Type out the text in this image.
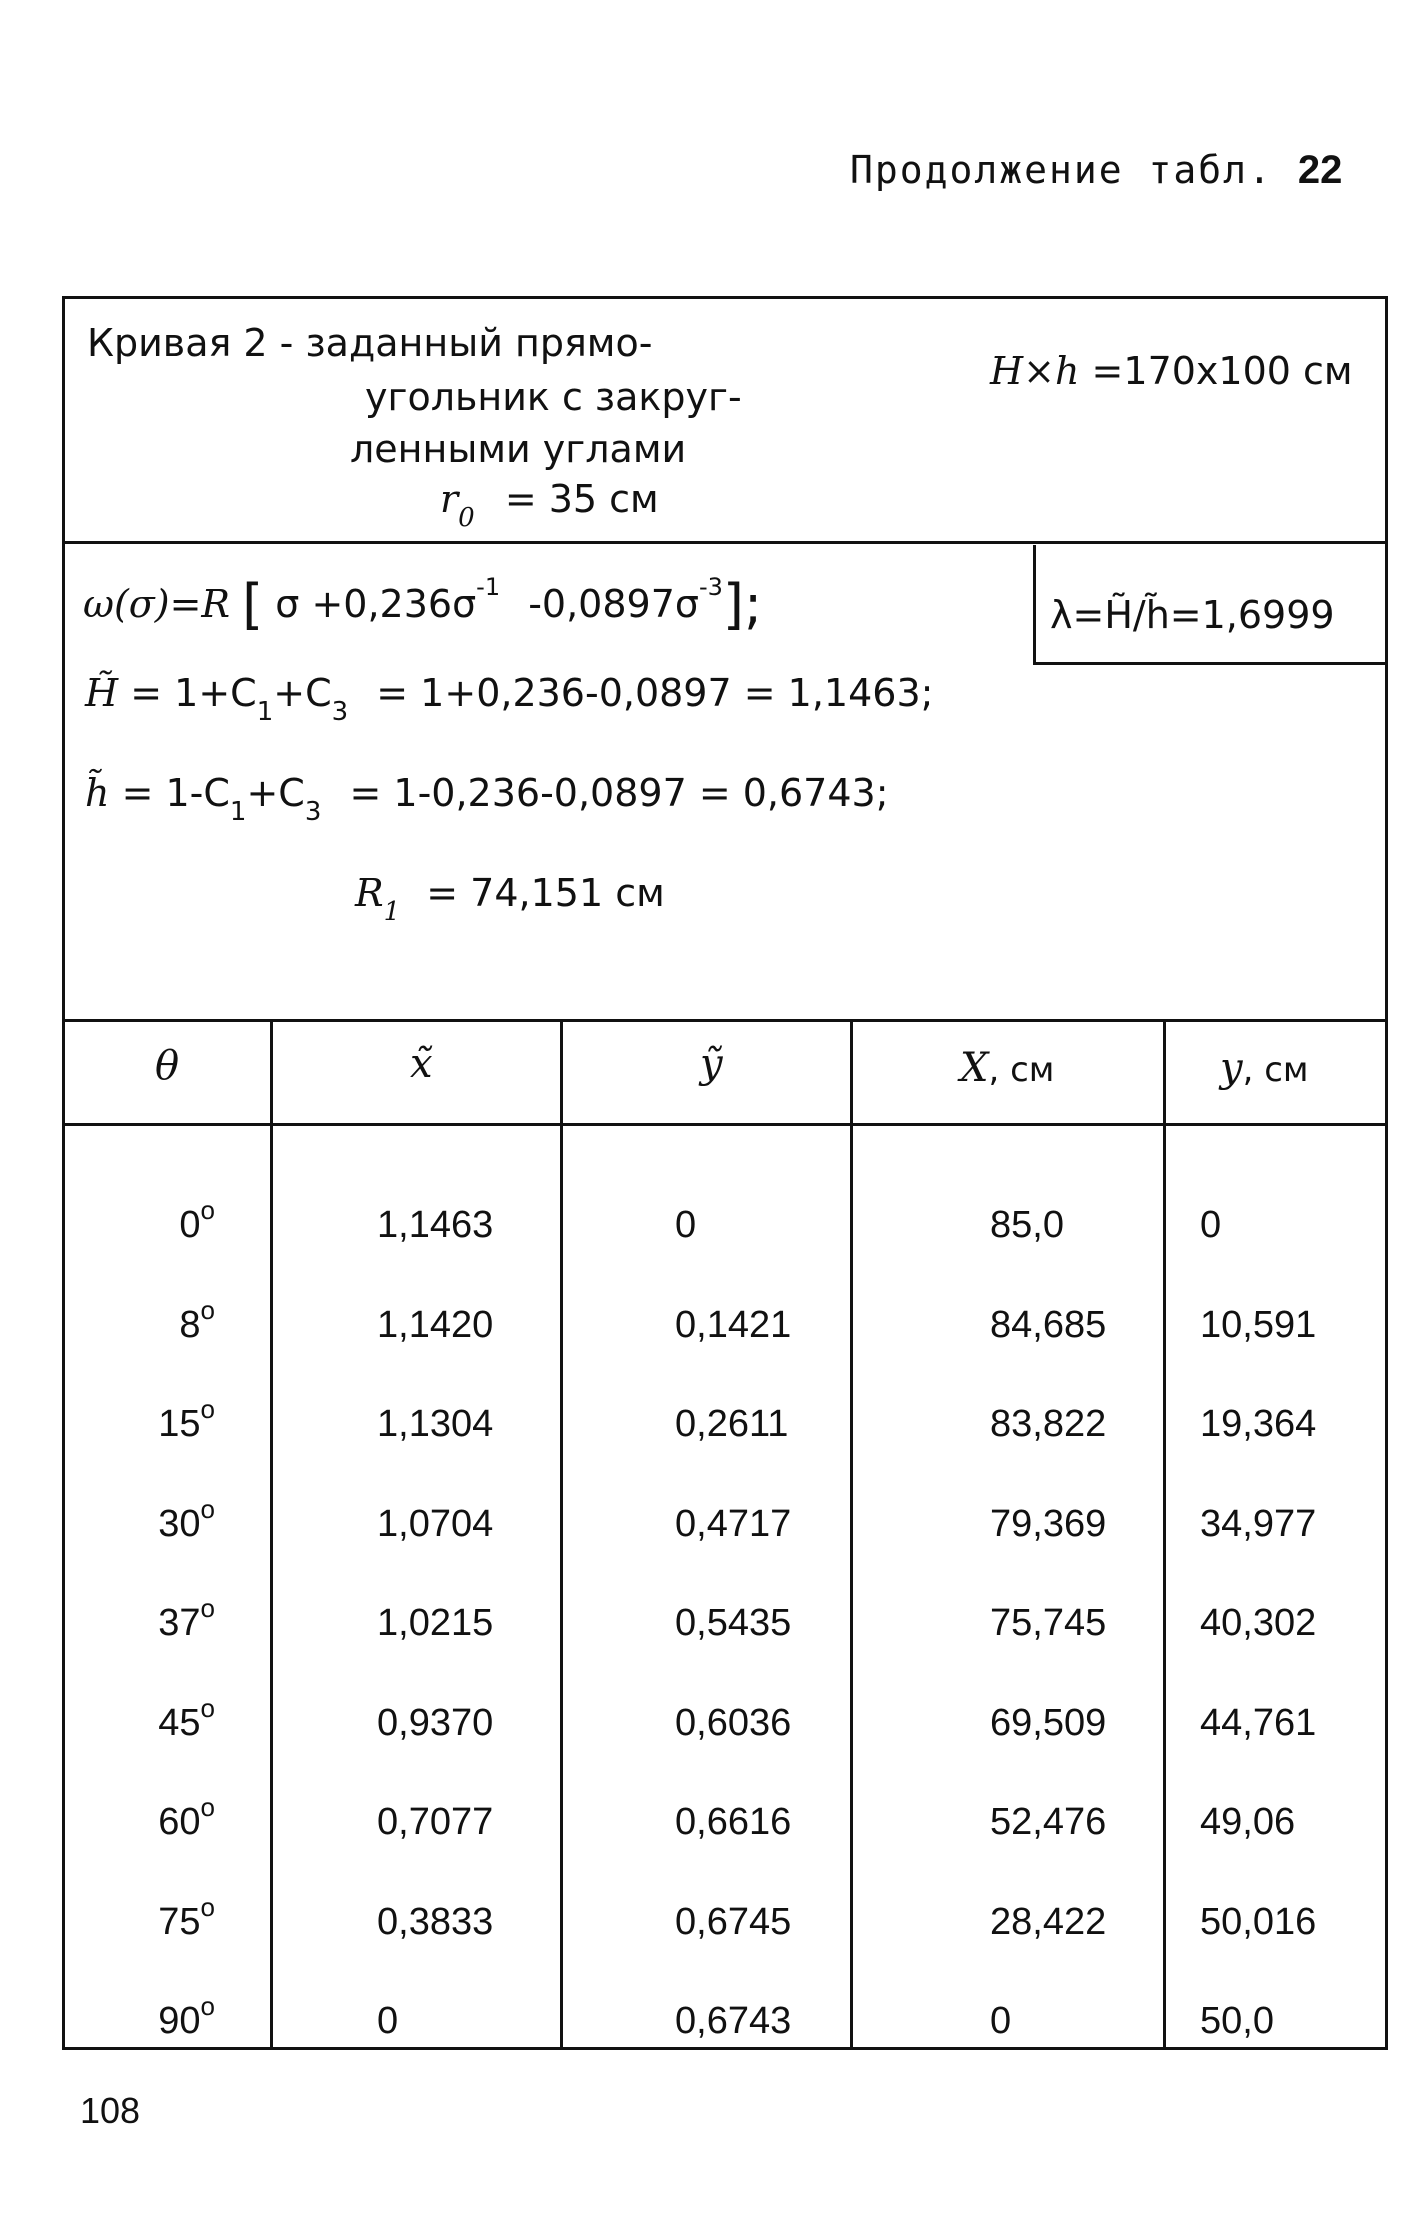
Продолжение табл. 22
Кривая 2 - заданный прямо-
угольник с закруг-
ленными углами
$r_0 = 35$ см
H×h =170х100 см
ω(σ)=R [ $\sigma +0,236\sigma^{-1}$ $-0,0897\sigma^{-3}$];	λ=H̃/h̃=1,6999
H̃ = $1+C_1+C_3 = 1+0,236-0,0897 = 1,1463$;
h̃ = $1-C_1+C_3 = 1-0,236-0,0897 = 0,6743$;
$R_1 = 74,151$ см
θ	x̃	ỹ	X, см	y, см
0$^o$	1,1463	0	85,0	0
8$^o$	1,1420	0,1421	84,685 10,591
15$^o$	1,1304	0,2611	83,822 19,364
30$^o$	1,0704	0,4717	79,369 34,977
37$^o$	1,0215	0,5435	75,745 40,302
45$^o$	0,9370	0,6036	69,509 44,761
60$^o$	0,7077	0,6616	52,476 49,06
75$^o$	0,3833	0,6745	28,422 50,016
90$^o$	0	0,6743	0	50,0
108
